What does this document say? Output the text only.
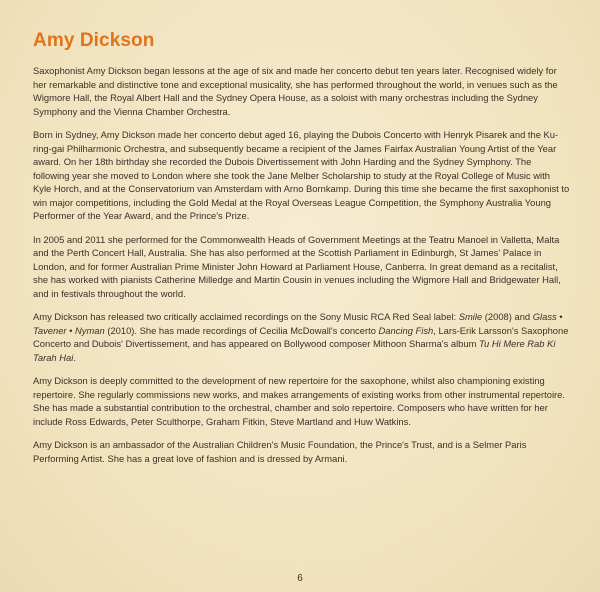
Amy Dickson

Saxophonist Amy Dickson began lessons at the age of six and made her concerto debut ten years later. Recognised widely for her remarkable and distinctive tone and exceptional musicality, she has performed throughout the world, in venues such as the Wigmore Hall, the Royal Albert Hall and the Sydney Opera House, as a soloist with many orchestras including the Sydney Symphony and the Vienna Chamber Orchestra.

Born in Sydney, Amy Dickson made her concerto debut aged 16, playing the Dubois Concerto with Henryk Pisarek and the Ku-ring-gai Philharmonic Orchestra, and subsequently became a recipient of the James Fairfax Australian Young Artist of the Year award. On her 18th birthday she recorded the Dubois Divertissement with John Harding and the Sydney Symphony. The following year she moved to London where she took the Jane Melber Scholarship to study at the Royal College of Music with Kyle Horch, and at the Conservatorium van Amsterdam with Arno Bornkamp. During this time she became the first saxophonist to win major competitions, including the Gold Medal at the Royal Overseas League Competition, the Symphony Australia Young Performer of the Year Award, and the Prince's Prize.

In 2005 and 2011 she performed for the Commonwealth Heads of Government Meetings at the Teatru Manoel in Valletta, Malta and the Perth Concert Hall, Australia. She has also performed at the Scottish Parliament in Edinburgh, St James' Palace in London, and for former Australian Prime Minister John Howard at Parliament House, Canberra. In great demand as a recitalist, she has worked with pianists Catherine Milledge and Martin Cousin in venues including the Wigmore Hall and Bridgewater Hall, and in festivals throughout the world.

Amy Dickson has released two critically acclaimed recordings on the Sony Music RCA Red Seal label: Smile (2008) and Glass • Tavener • Nyman (2010). She has made recordings of Cecilia McDowall's concerto Dancing Fish, Lars-Erik Larsson's Saxophone Concerto and Dubois' Divertissement, and has appeared on Bollywood composer Mithoon Sharma's album Tu Hi Mere Rab Ki Tarah Hai.

Amy Dickson is deeply committed to the development of new repertoire for the saxophone, whilst also championing existing repertoire. She regularly commissions new works, and makes arrangements of existing works from other instrumental repertoire. She has made a substantial contribution to the orchestral, chamber and solo repertoire. Composers who have written for her include Ross Edwards, Peter Sculthorpe, Graham Fitkin, Steve Martland and Huw Watkins.

Amy Dickson is an ambassador of the Australian Children's Music Foundation, the Prince's Trust, and is a Selmer Paris Performing Artist. She has a great love of fashion and is dressed by Armani.

6
